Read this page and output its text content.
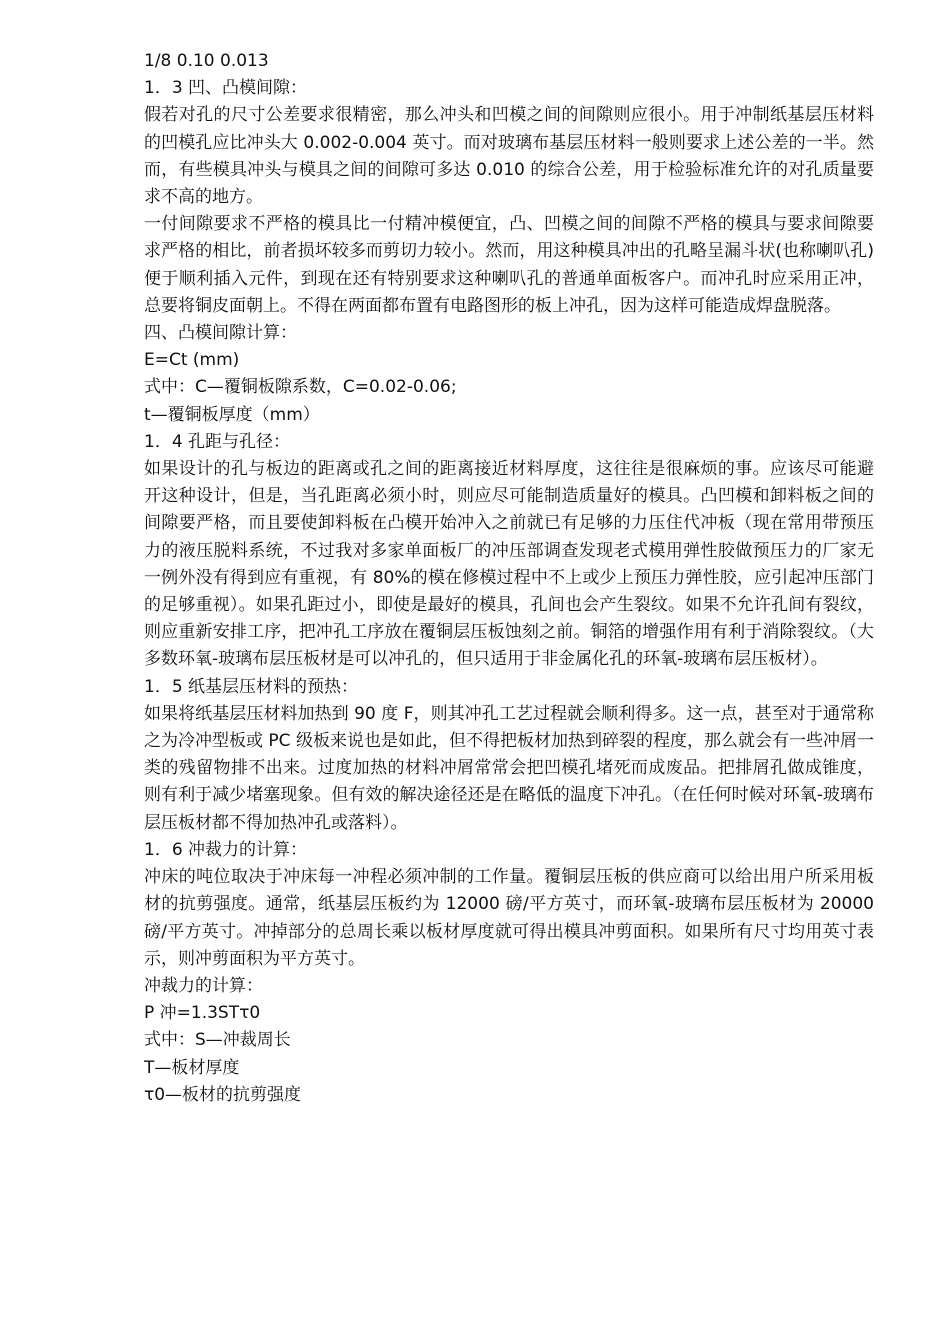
1/8 0.10 0.013

1．3 凹、凸模间隙：

假若对孔的尺寸公差要求很精密，那么冲头和凹模之间的间隙则应很小。用于冲制纸基层压材料的凹模孔应比冲头大 0.002-0.004 英寸。而对玻璃布基层压材料一般则要求上述公差的一半。然而，有些模具冲头与模具之间的间隙可多达 0.010 的综合公差，用于检验标准允许的对孔质量要求不高的地方。

一付间隙要求不严格的模具比一付精冲模便宜，凸、凹模之间的间隙不严格的模具与要求间隙要求严格的相比，前者损坏较多而剪切力较小。然而，用这种模具冲出的孔略呈漏斗状(也称喇叭孔)便于顺利插入元件，到现在还有特别要求这种喇叭孔的普通单面板客户。而冲孔时应采用正冲，总要将铜皮面朝上。不得在两面都布置有电路图形的板上冲孔，因为这样可能造成焊盘脱落。

四、凸模间隙计算：

E=Ct (mm)

式中：C—覆铜板隙系数，C=0.02-0.06;

t—覆铜板厚度（mm）

1．4 孔距与孔径：

如果设计的孔与板边的距离或孔之间的距离接近材料厚度，这往往是很麻烦的事。应该尽可能避开这种设计，但是，当孔距离必须小时，则应尽可能制造质量好的模具。凸凹模和卸料板之间的间隙要严格，而且要使卸料板在凸模开始冲入之前就已有足够的力压住代冲板（现在常用带预压力的液压脱料系统，不过我对多家单面板厂的冲压部调查发现老式模用弹性胶做预压力的厂家无一例外没有得到应有重视，有 80%的模在修模过程中不上或少上预压力弹性胶，应引起冲压部门的足够重视）。如果孔距过小，即使是最好的模具，孔间也会产生裂纹。如果不允许孔间有裂纹，则应重新安排工序，把冲孔工序放在覆铜层压板蚀刻之前。铜箔的增强作用有利于消除裂纹。（大多数环氧-玻璃布层压板材是可以冲孔的，但只适用于非金属化孔的环氧-玻璃布层压板材）。

1．5 纸基层压材料的预热：

如果将纸基层压材料加热到 90 度 F，则其冲孔工艺过程就会顺利得多。这一点，甚至对于通常称之为冷冲型板或 PC 级板来说也是如此，但不得把板材加热到碎裂的程度，那么就会有一些冲屑一类的残留物排不出来。过度加热的材料冲屑常常会把凹模孔堵死而成废品。把排屑孔做成锥度，则有利于减少堵塞现象。但有效的解决途径还是在略低的温度下冲孔。（在任何时候对环氧-玻璃布层压板材都不得加热冲孔或落料）。

1．6 冲裁力的计算：

冲床的吨位取决于冲床每一冲程必须冲制的工作量。覆铜层压板的供应商可以给出用户所采用板材的抗剪强度。通常，纸基层压板约为 12000 磅/平方英寸，而环氧-玻璃布层压板材为 20000 磅/平方英寸。冲掉部分的总周长乘以板材厚度就可得出模具冲剪面积。如果所有尺寸均用英寸表示，则冲剪面积为平方英寸。

冲裁力的计算：

P 冲=1.3STτ0

式中：S—冲裁周长

T—板材厚度

τ0—板材的抗剪强度
